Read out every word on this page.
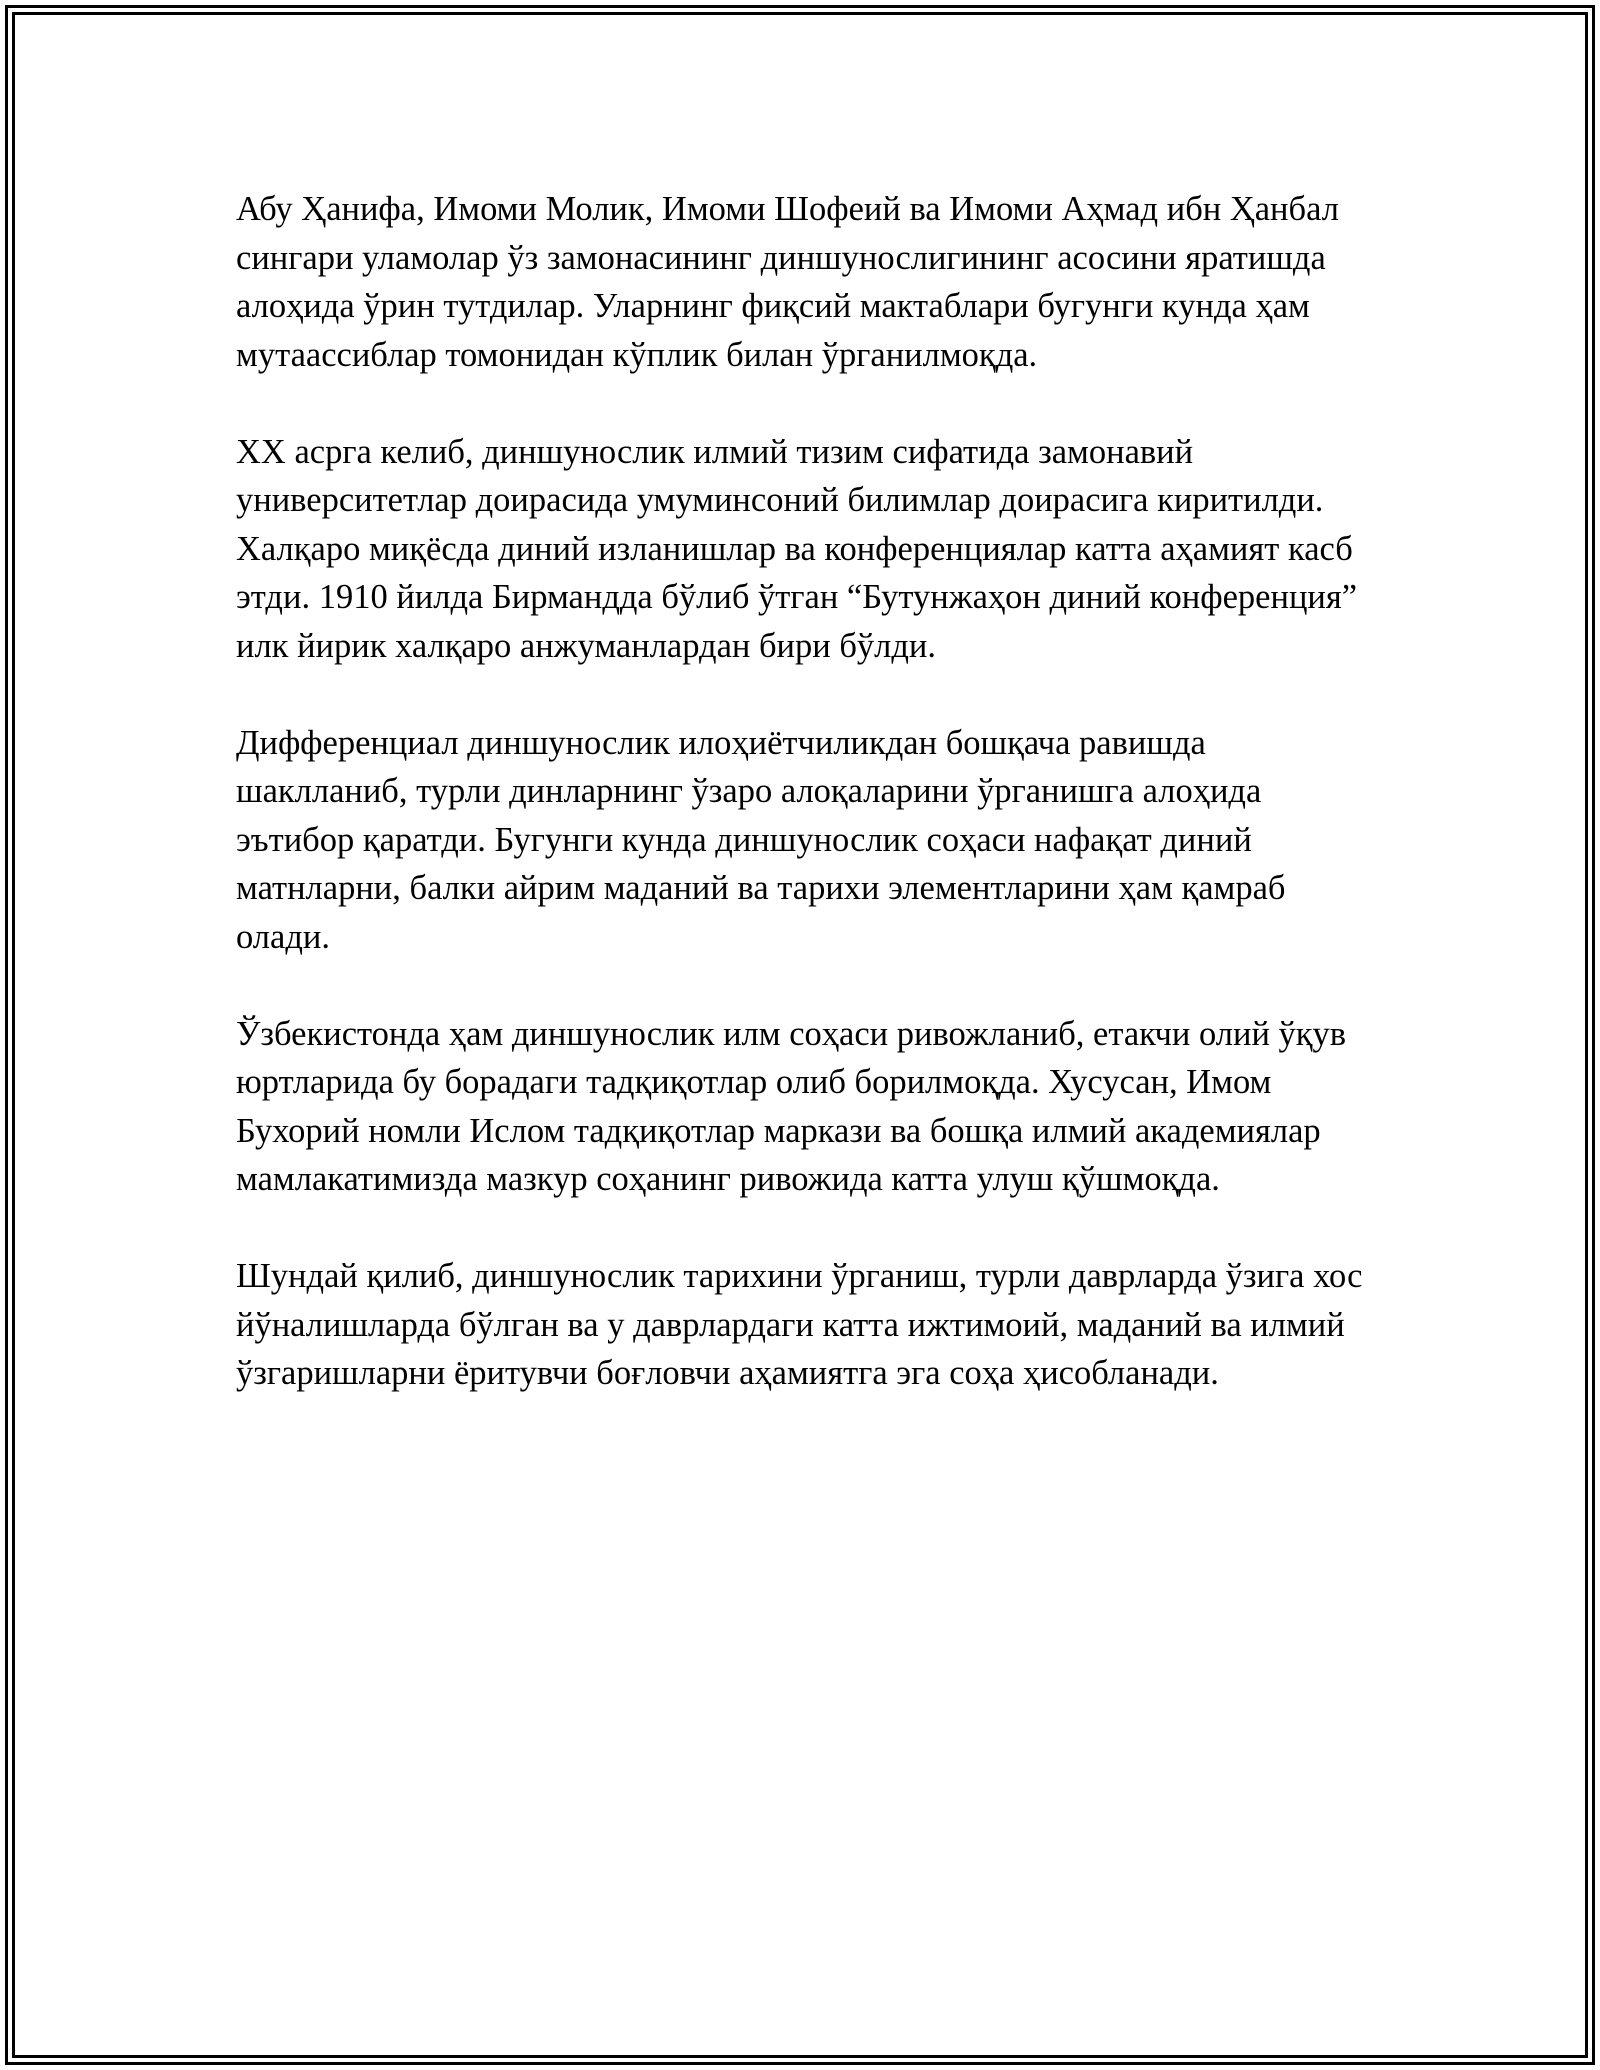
Абу Ҳанифа, Имоми Молик, Имоми Шофеий ва Имоми Аҳмад ибн Ҳанбал сингари уламолар ўз замонасининг диншунослигининг асосини яратишда алоҳида ўрин тутдилар. Уларнинг фиқсий мактаблари бугунги кунда ҳам мутаассиблар томонидан кўплик билан ўрганилмоқда.

XX асрга келиб, диншунослик илмий тизим сифатида замонавий университетлар доирасида умуминсоний билимлар доирасига киритилди. Халқаро миқёсда диний изланишлар ва конференциялар катта аҳамият касб этди. 1910 йилда Бирманддa бўлиб ўтган “Бутунжаҳон диний конференция” илк йирик халқаро анжуманлардан бири бўлди.

Дифференциал диншунослик илоҳиётчиликдан бошқача равишда шаклланиб, турли динларнинг ўзаро алоқаларини ўрганишга алоҳида эътибор қаратди. Бугунги кунда диншунослик соҳаси нафақат диний матнларни, балки айрим маданий ва тарихи элементларини ҳам қамраб олади.

Ўзбекистонда ҳам диншунослик илм соҳаси ривожланиб, етакчи олий ўқув юртларида бу борадаги тадқиқотлар олиб борилмоқда. Хусусан, Имом Бухорий номли Ислом тадқиқотлар маркази ва бошқа илмий академиялар мамлакатимизда мазкур соҳанинг ривожида катта улуш қўшмоқда.

Шундай қилиб, диншунослик тарихини ўрганиш, турли даврларда ўзига хос йўналишларда бўлган ва у даврлардаги катта ижтимоий, маданий ва илмий ўзгаришларни ёритувчи боғловчи аҳамиятга эга соҳа ҳисобланади.
